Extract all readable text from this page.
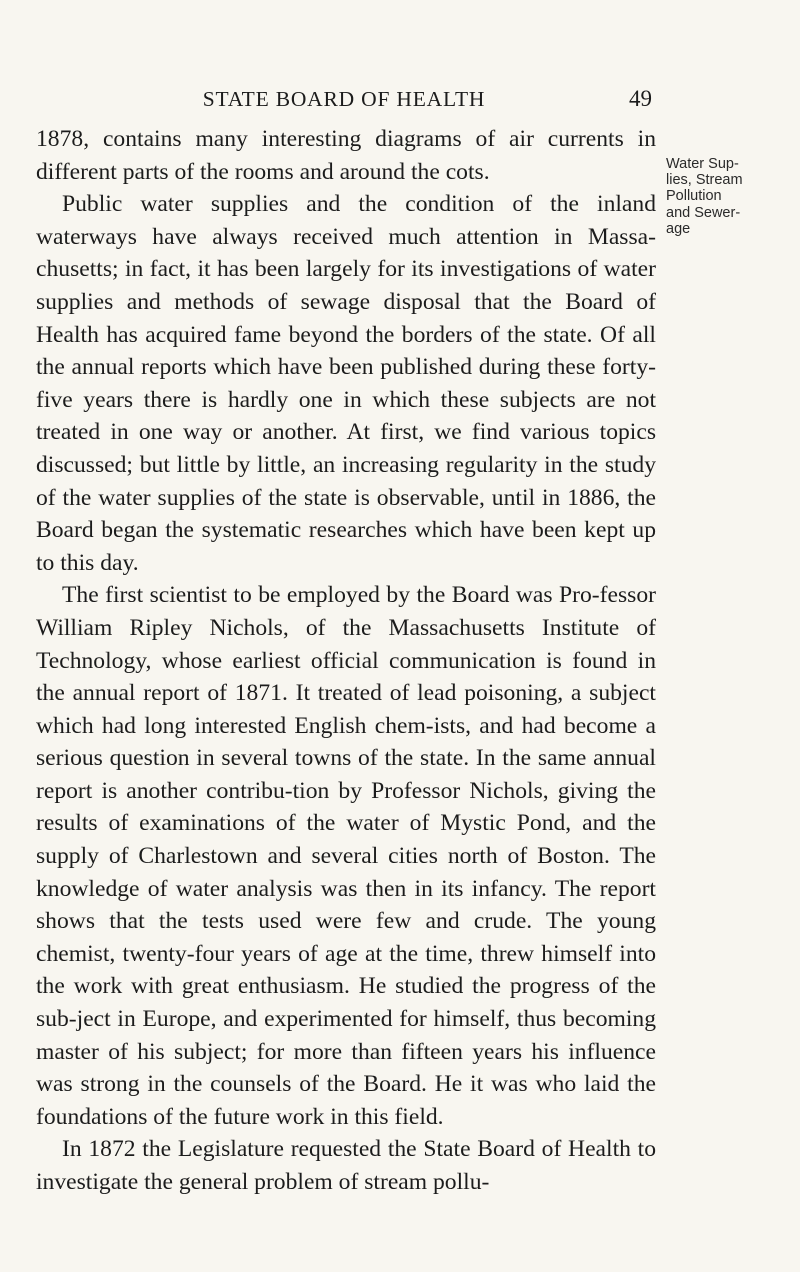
STATE BOARD OF HEALTH	49

1878, contains many interesting diagrams of air currents in different parts of the rooms and around the cots.

Public water supplies and the condition of the inland waterways have always received much attention in Massa-chusetts; in fact, it has been largely for its investigations of water supplies and methods of sewage disposal that the Board of Health has acquired fame beyond the borders of the state. Of all the annual reports which have been published during these forty-five years there is hardly one in which these subjects are not treated in one way or another. At first, we find various topics discussed; but little by little, an increasing regularity in the study of the water supplies of the state is observable, until in 1886, the Board began the systematic researches which have been kept up to this day.

The first scientist to be employed by the Board was Pro-fessor William Ripley Nichols, of the Massachusetts Institute of Technology, whose earliest official communication is found in the annual report of 1871. It treated of lead poisoning, a subject which had long interested English chem-ists, and had become a serious question in several towns of the state. In the same annual report is another contribu-tion by Professor Nichols, giving the results of examinations of the water of Mystic Pond, and the supply of Charlestown and several cities north of Boston. The knowledge of water analysis was then in its infancy. The report shows that the tests used were few and crude. The young chemist, twenty-four years of age at the time, threw himself into the work with great enthusiasm. He studied the progress of the sub-ject in Europe, and experimented for himself, thus becoming master of his subject; for more than fifteen years his influence was strong in the counsels of the Board. He it was who laid the foundations of the future work in this field.

In 1872 the Legislature requested the State Board of Health to investigate the general problem of stream pollu-

Water Sup-
lies, Stream
Pollution
and Sewer-
age
